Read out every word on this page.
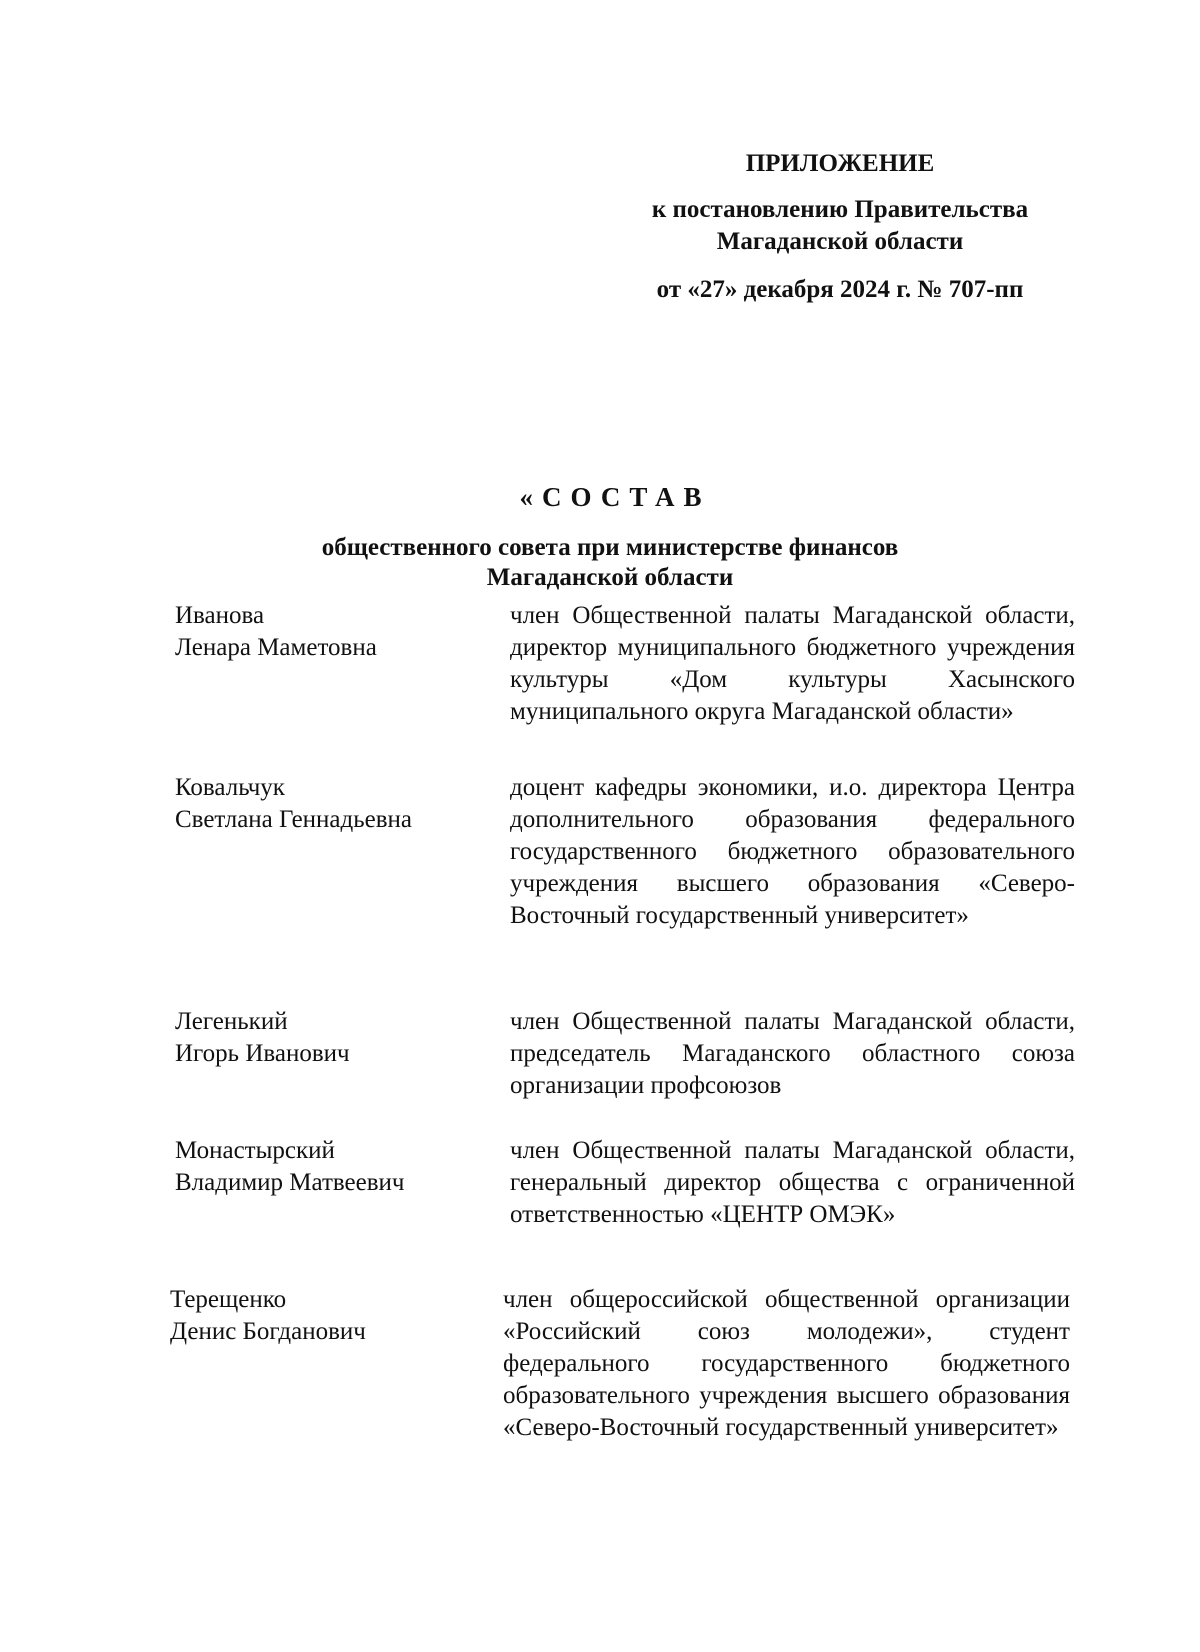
ПРИЛОЖЕНИЕ
к постановлению Правительства
Магаданской области
от «27» декабря 2024 г. № 707-пп
«СОСТАВ
общественного совета при министерстве финансов
Магаданской области
Иванова
Ленара Маметовна
член Общественной палаты Магаданской области, директор муниципального бюджетного учреждения культуры «Дом культуры Хасынского муниципального округа Магаданской области»
Ковальчук
Светлана Геннадьевна
доцент кафедры экономики, и.о. директора Центра дополнительного образования федерального государственного бюджетного образовательного учреждения высшего образования «Северо-Восточный государственный университет»
Легенький
Игорь Иванович
член Общественной палаты Магаданской области, председатель Магаданского областного союза организации профсоюзов
Монастырский
Владимир Матвеевич
член Общественной палаты Магаданской области, генеральный директор общества с ограниченной ответственностью «ЦЕНТР ОМЭК»
Терещенко
Денис Богданович
член общероссийской общественной организации «Российский союз молодежи», студент федерального государственного бюджетного образовательного учреждения высшего образования «Северо-Восточный государственный университет»
